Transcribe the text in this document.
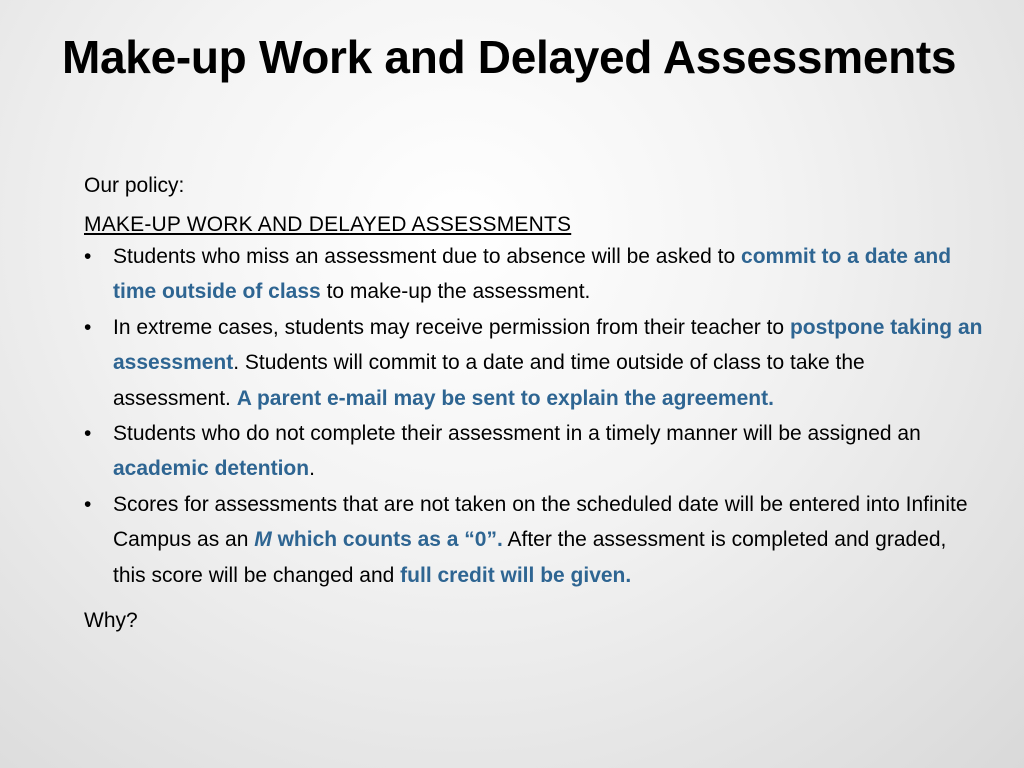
Make-up Work and Delayed Assessments

Our policy:

MAKE-UP WORK AND DELAYED ASSESSMENTS

• Students who miss an assessment due to absence will be asked to commit to a date and time outside of class to make-up the assessment.
• In extreme cases, students may receive permission from their teacher to postpone taking an assessment. Students will commit to a date and time outside of class to take the assessment. A parent e-mail may be sent to explain the agreement.
• Students who do not complete their assessment in a timely manner will be assigned an academic detention.
• Scores for assessments that are not taken on the scheduled date will be entered into Infinite Campus as an M which counts as a “0”. After the assessment is completed and graded, this score will be changed and full credit will be given.

Why?
